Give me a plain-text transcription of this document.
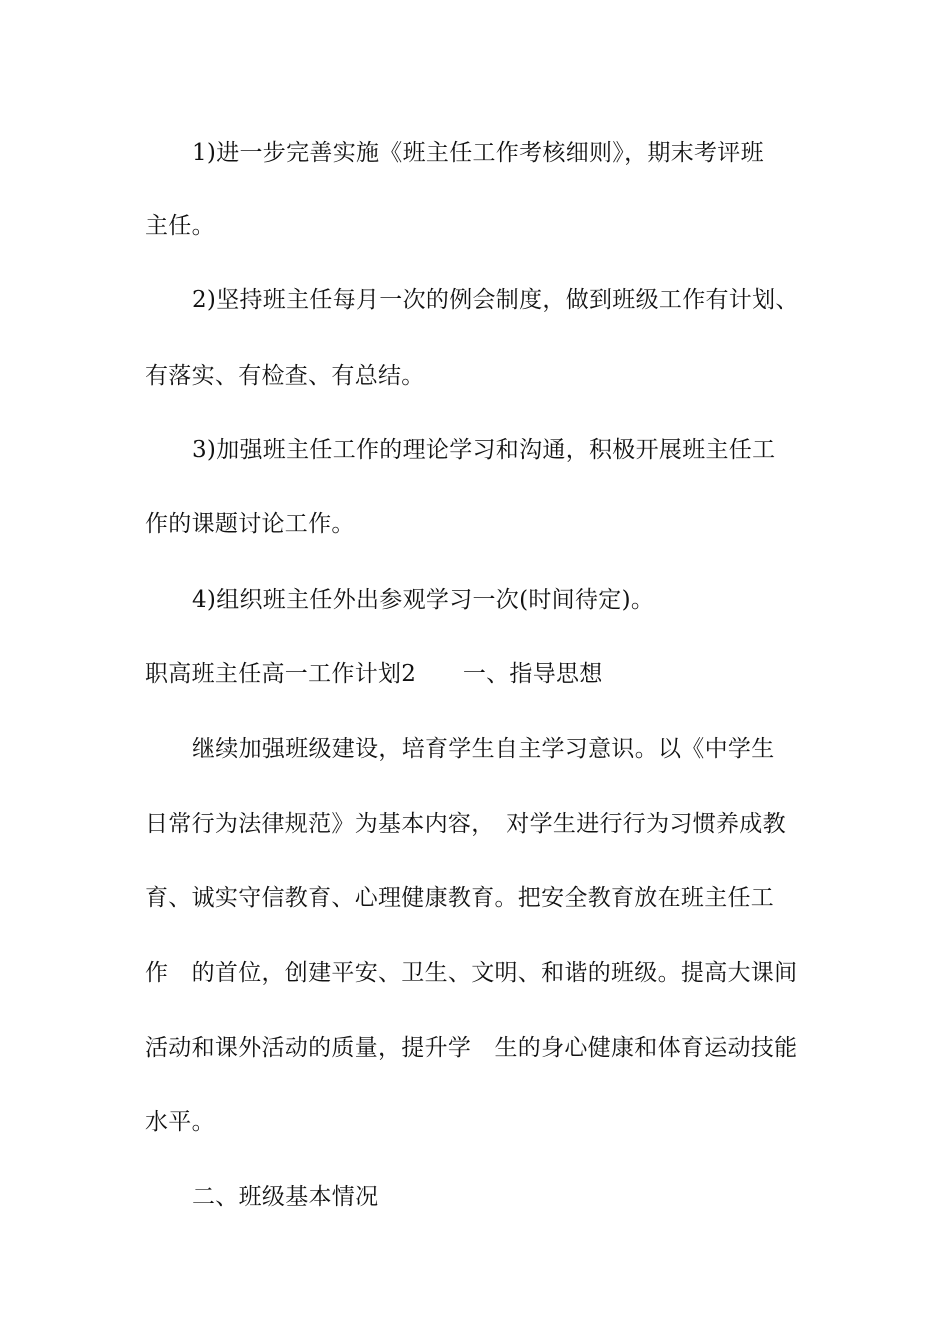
1)进一步完善实施《班主任工作考核细则》，期末考评班
主任。
2)坚持班主任每月一次的例会制度，做到班级工作有计划、
有落实、有检查、有总结。
3)加强班主任工作的理论学习和沟通，积极开展班主任工
作的课题讨论工作。
4)组织班主任外出参观学习一次(时间待定)。
职高班主任高一工作计划2　　一、指导思想
继续加强班级建设，培育学生自主学习意识。以《中学生
日常行为法律规范》为基本内容，　对学生进行行为习惯养成教
育、诚实守信教育、心理健康教育。把安全教育放在班主任工
作　的首位，创建平安、卫生、文明、和谐的班级。提高大课间
活动和课外活动的质量，提升学　生的身心健康和体育运动技能
水平。
二、班级基本情况
